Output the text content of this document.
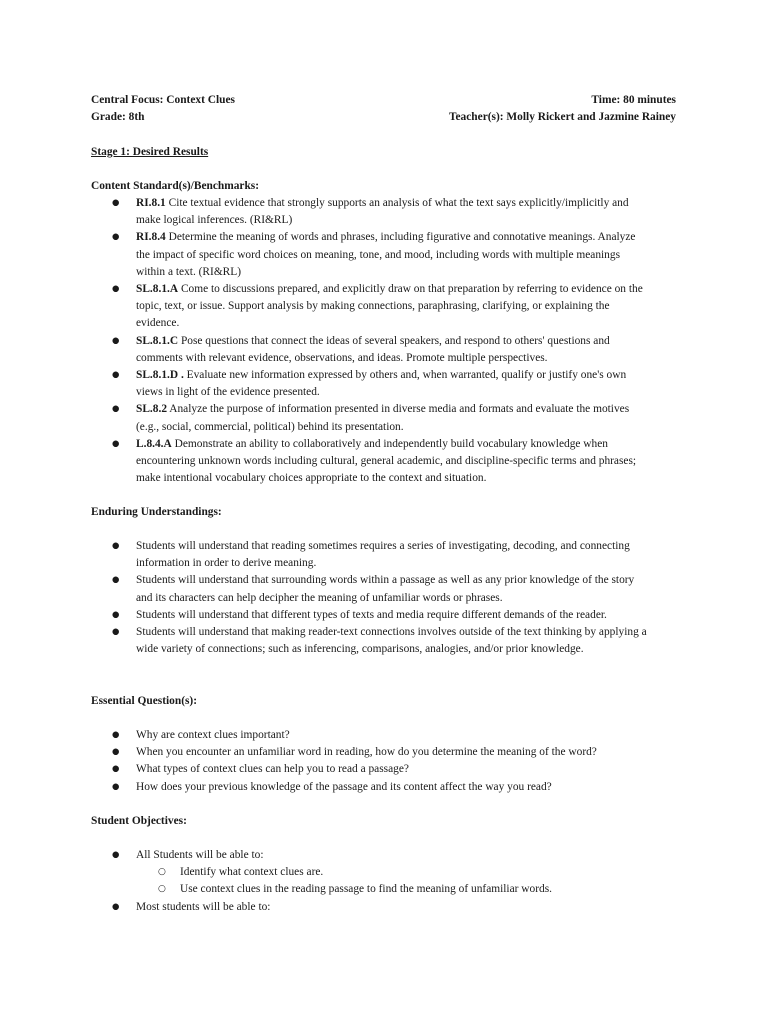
Central Focus: Context Clues	Time: 80 minutes
Grade: 8th	Teacher(s): Molly Rickert and Jazmine Rainey
Stage 1: Desired Results
Content Standard(s)/Benchmarks:
● RI.8.1 Cite textual evidence that strongly supports an analysis of what the text says explicitly/implicitly and make logical inferences. (RI&RL)
● RI.8.4 Determine the meaning of words and phrases, including figurative and connotative meanings. Analyze the impact of specific word choices on meaning, tone, and mood, including words with multiple meanings within a text. (RI&RL)
● SL.8.1.A Come to discussions prepared, and explicitly draw on that preparation by referring to evidence on the topic, text, or issue. Support analysis by making connections, paraphrasing, clarifying, or explaining the evidence.
● SL.8.1.C Pose questions that connect the ideas of several speakers, and respond to others' questions and comments with relevant evidence, observations, and ideas. Promote multiple perspectives.
● SL.8.1.D . Evaluate new information expressed by others and, when warranted, qualify or justify one's own views in light of the evidence presented.
● SL.8.2 Analyze the purpose of information presented in diverse media and formats and evaluate the motives (e.g., social, commercial, political) behind its presentation.
● L.8.4.A Demonstrate an ability to collaboratively and independently build vocabulary knowledge when encountering unknown words including cultural, general academic, and discipline-specific terms and phrases; make intentional vocabulary choices appropriate to the context and situation.
Enduring Understandings:
● Students will understand that reading sometimes requires a series of investigating, decoding, and connecting information in order to derive meaning.
● Students will understand that surrounding words within a passage as well as any prior knowledge of the story and its characters can help decipher the meaning of unfamiliar words or phrases.
● Students will understand that different types of texts and media require different demands of the reader.
● Students will understand that making reader-text connections involves outside of the text thinking by applying a wide variety of connections; such as inferencing, comparisons, analogies, and/or prior knowledge.
Essential Question(s):
● Why are context clues important?
● When you encounter an unfamiliar word in reading, how do you determine the meaning of the word?
● What types of context clues can help you to read a passage?
● How does your previous knowledge of the passage and its content affect the way you read?
Student Objectives:
● All Students will be able to:
○ Identify what context clues are.
○ Use context clues in the reading passage to find the meaning of unfamiliar words.
● Most students will be able to:
